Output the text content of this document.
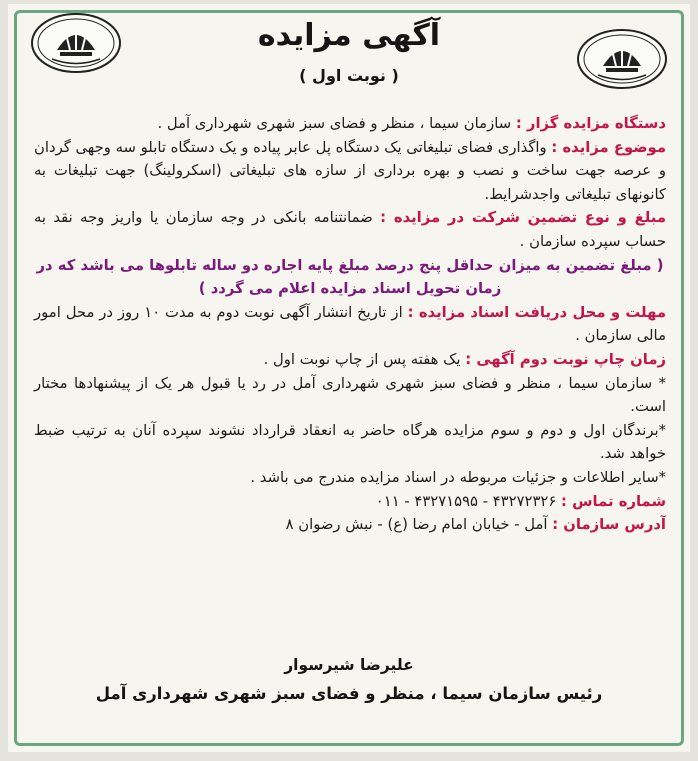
آگهی مزایده
( نوبت اول )

دستگاه مزایده گزار : سازمان سیما ، منظر و فضای سبز شهری شهرداری آمل .

موضوع مزایده : واگذاری فضای تبلیغاتی یک دستگاه پل عابر پیاده و یک دستگاه تابلو سه وجهی گردان و عرصه جهت ساخت و نصب و بهره برداری از سازه های تبلیغاتی (اسکرولینگ) جهت تبلیغات به کانونهای تبلیغاتی واجدشرایط.

مبلغ و نوع تضمین شرکت در مزایده : ضمانتنامه بانکی در وجه سازمان یا واریز وجه نقد به حساب سپرده سازمان .

( مبلغ تضمین به میزان حداقل پنج درصد مبلغ پایه اجاره دو ساله تابلوها می باشد که در زمان تحویل اسناد مزایده اعلام می گردد )

مهلت و محل دریافت اسناد مزایده : از تاریخ انتشار آگهی نوبت دوم به مدت ۱۰ روز در محل امور مالی سازمان .

زمان چاپ نوبت دوم آگهی : یک هفته پس از چاپ نوبت اول .

* سازمان سیما ، منظر و فضای سبز شهری شهرداری آمل در رد یا قبول هر یک از پیشنهادها مختار است.

*برندگان اول و دوم و سوم مزایده هرگاه حاضر به انعقاد قرارداد نشوند سپرده آنان به ترتیب ضبط خواهد شد.

*سایر اطلاعات و جزئیات مربوطه در اسناد مزایده مندرج می باشد .

شماره تماس : ۴۳۲۷۲۳۲۶ - ۴۳۲۷۱۵۹۵ - ۰۱۱

آدرس سازمان : آمل - خیابان امام رضا (ع) - نبش رضوان ۸

علیرضا شیرسوار
رئیس سازمان سیما ، منظر و فضای سبز شهری شهرداری آمل
